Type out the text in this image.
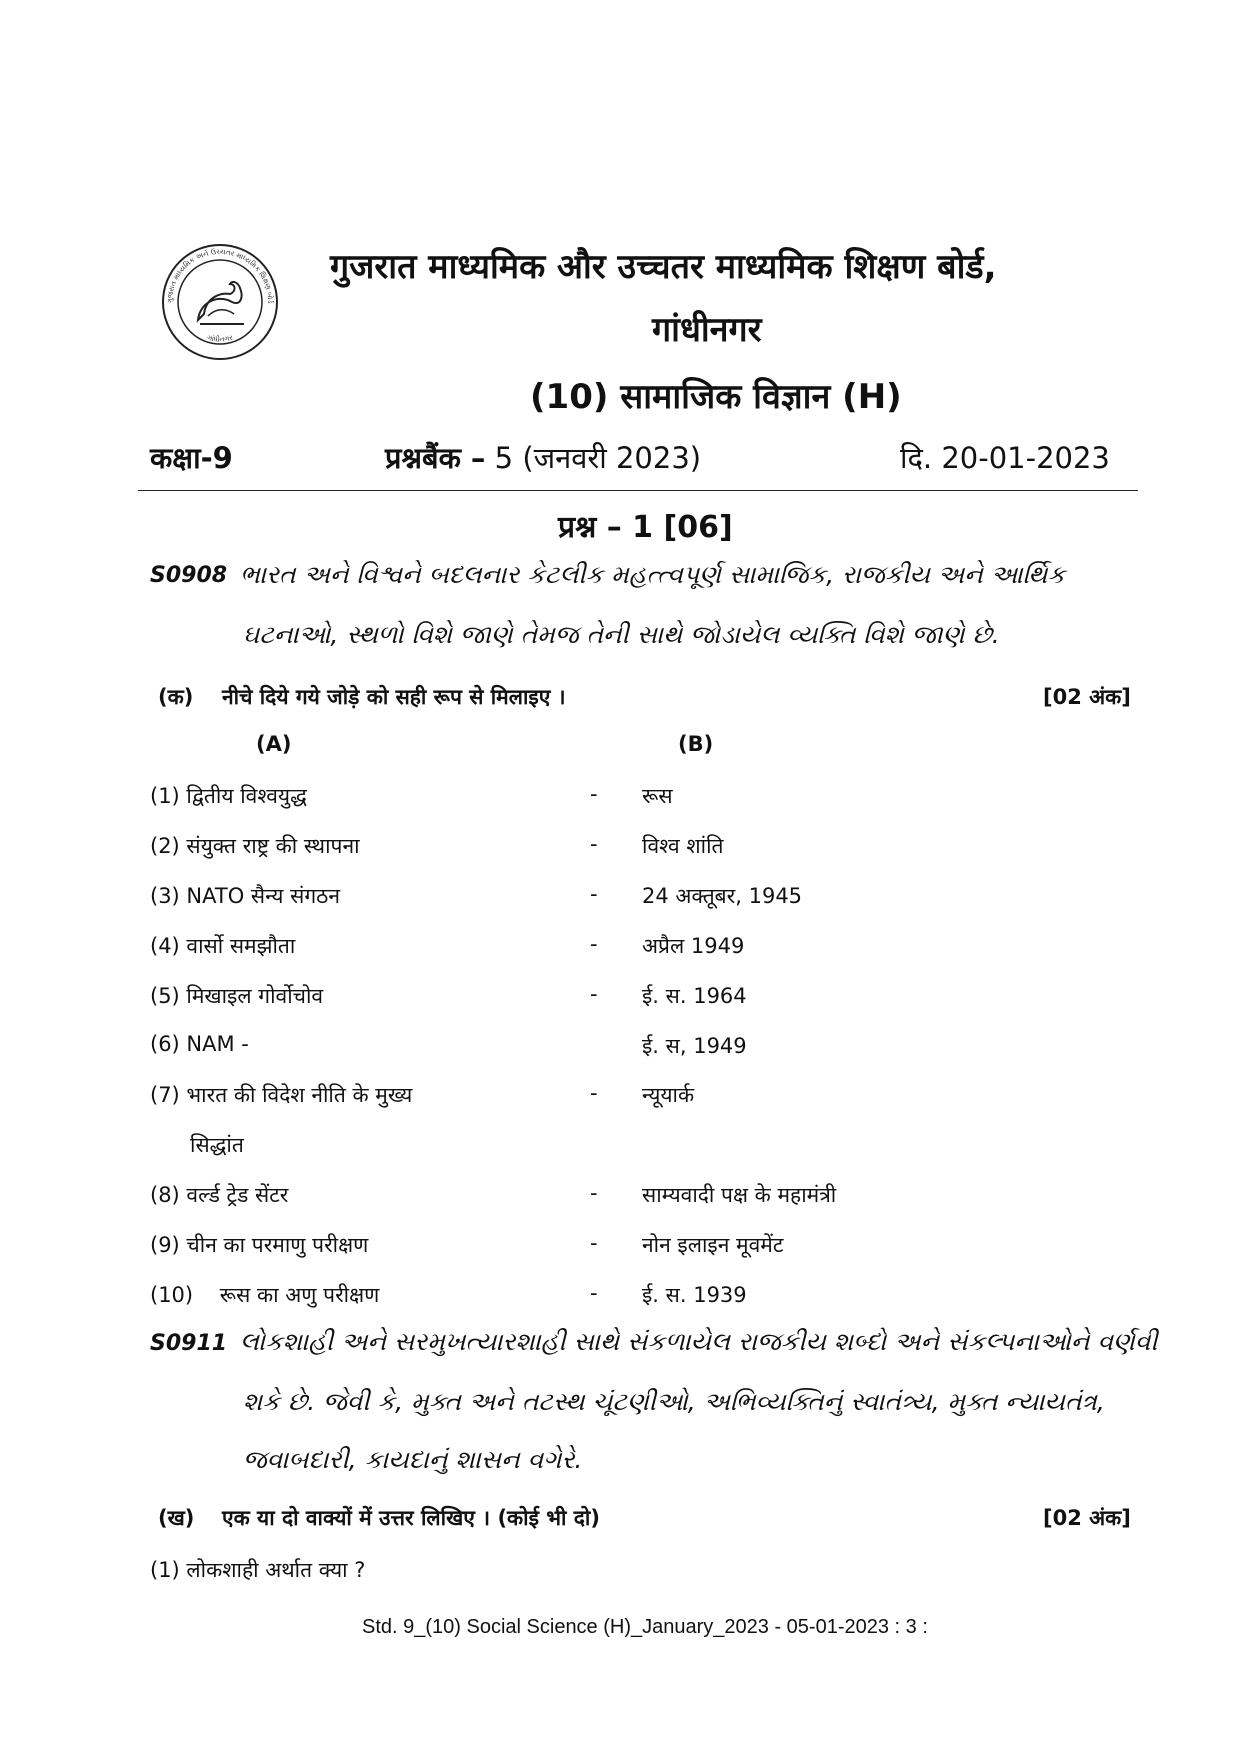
ગુજરાત માધ્યમિક અને ઉચ્ચતર માધ્યમિક શિક્ષણ બોર્ડ
ગાંધીનગર
गुजरात माध्यमिक और उच्चतर माध्यमिक शिक्षण बोर्ड,
गांधीनगर
(10) सामाजिक विज्ञान (H)
कक्षा-9	प्रश्नबैंक – 5 (जनवरी 2023)	दि. 20-01-2023
प्रश्न – 1 [06]
S0908 ભારત અને વિશ્વને બદલનાર કેટલીક મહત્ત્વપૂર્ણ સામાજિક, રાજકીય અને આર્થિક
ઘટનાઓ, સ્થળો વિશે જાણે તેમજ તેની સાથે જોડાયેલ વ્યક્તિ વિશે જાણે છે.
(क) नीचे दिये गये जोड़े को सही रूप से मिलाइए ।	[02 अंक]
(A)	(B)
(1) द्वितीय विश्वयुद्ध	- रूस
(2) संयुक्त राष्ट्र की स्थापना	- विश्व शांति
(3) NATO सैन्य संगठन	- 24 अक्तूबर, 1945
(4) वार्सो समझौता	- अप्रैल 1949
(5) मिखाइल गोर्वोचोव	- ई. स. 1964
(6) NAM -	ई. स, 1949
(7) भारत की विदेश नीति के मुख्य	- न्यूयार्क
सिद्धांत
(8) वर्ल्ड ट्रेड सेंटर	- साम्यवादी पक्ष के महामंत्री
(9) चीन का परमाणु परीक्षण	- नोन इलाइन मूवमेंट
(10)    रूस का अणु परीक्षण	- ई. स. 1939
S0911 લોકશાહી અને સરમુખત્યારશાહી સાથે સંકળાયેલ રાજકીય શબ્દો અને સંકલ્પનાઓને વર્ણવી
શકે છે. જેવી કે, મુક્ત અને તટસ્થ ચૂંટણીઓ, અભિવ્યક્તિનું સ્વાતંત્ર્ય, મુક્ત ન્યાયતંત્ર,
જવાબદારી, કાયદાનું શાસન વગેરે.
(ख) एक या दो वाक्यों में उत्तर लिखिए । (कोई भी दो)	[02 अंक]
(1) लोकशाही अर्थात क्या ?
Std. 9_(10) Social Science (H)_January_2023 - 05-01-2023 : 3 :
